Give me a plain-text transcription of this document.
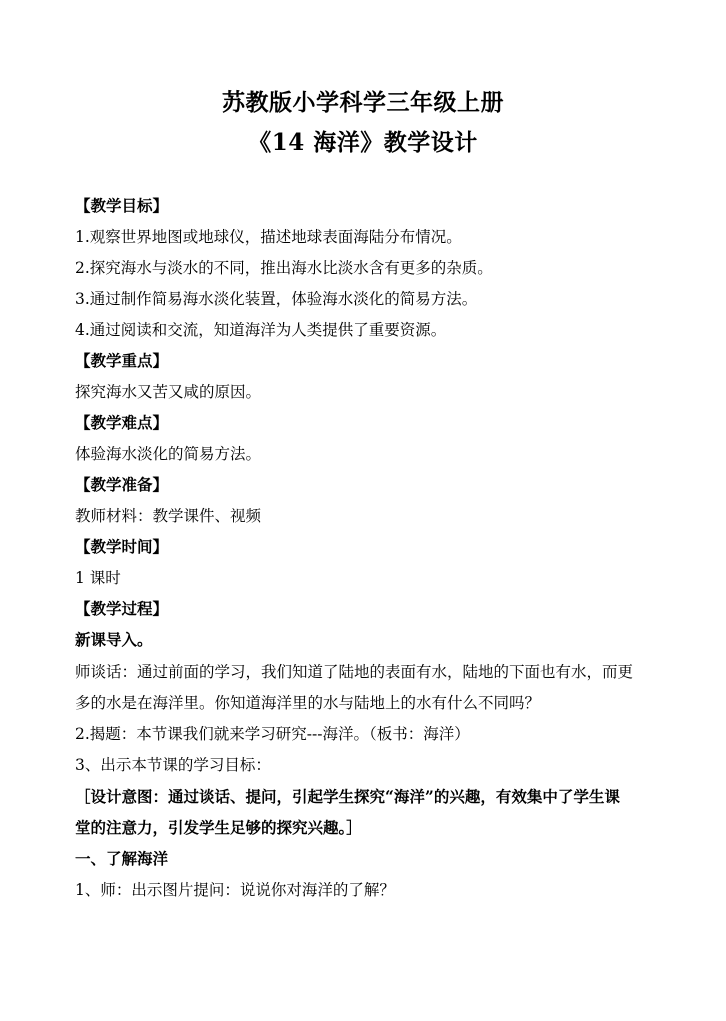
苏教版小学科学三年级上册
《14 海洋》教学设计
【教学目标】
1.观察世界地图或地球仪，描述地球表面海陆分布情况。
2.探究海水与淡水的不同，推出海水比淡水含有更多的杂质。
3.通过制作简易海水淡化装置，体验海水淡化的简易方法。
4.通过阅读和交流，知道海洋为人类提供了重要资源。
【教学重点】
探究海水又苦又咸的原因。
【教学难点】
体验海水淡化的简易方法。
【教学准备】
教师材料：教学课件、视频
【教学时间】
1 课时
【教学过程】
新课导入。
师谈话：通过前面的学习，我们知道了陆地的表面有水，陆地的下面也有水，而更
多的水是在海洋里。你知道海洋里的水与陆地上的水有什么不同吗？
2.揭题：本节课我们就来学习研究---海洋。（板书：海洋）
3、出示本节课的学习目标：
［设计意图：通过谈话、提问，引起学生探究“海洋”的兴趣，有效集中了学生课
堂的注意力，引发学生足够的探究兴趣。］
一、了解海洋
1、师：出示图片提问：说说你对海洋的了解？
